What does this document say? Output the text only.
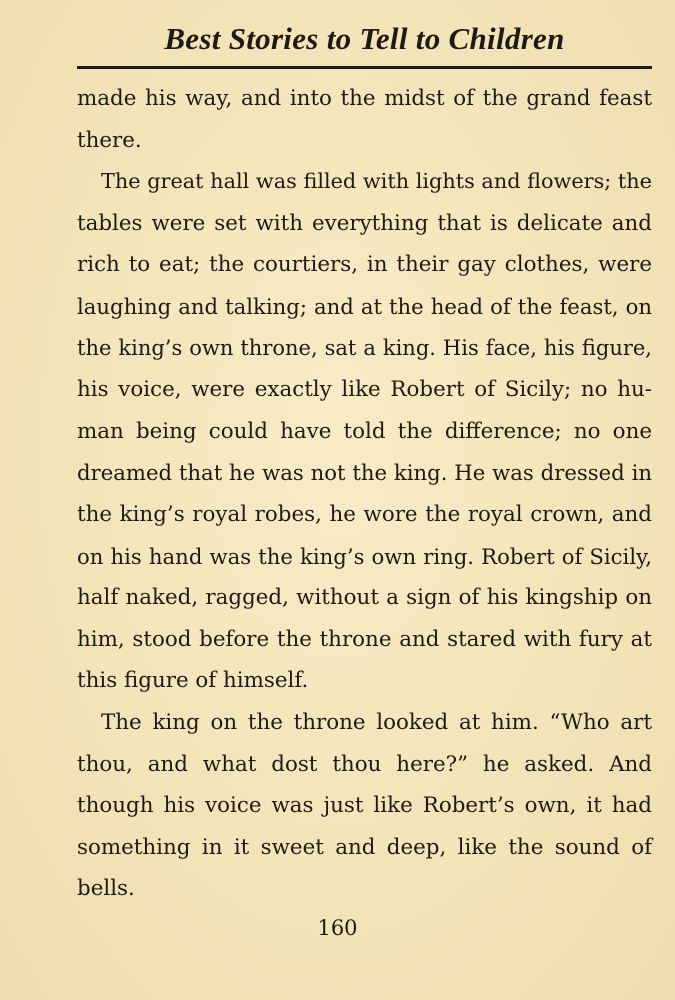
Best Stories to Tell to Children
made his way, and into the midst of the grand feast
there.
The great hall was filled with lights and flowers; the
tables were set with everything that is delicate and
rich to eat; the courtiers, in their gay clothes, were
laughing and talking; and at the head of the feast, on
the king’s own throne, sat a king. His face, his figure,
his voice, were exactly like Robert of Sicily; no hu-
man being could have told the difference; no one
dreamed that he was not the king. He was dressed in
the king’s royal robes, he wore the royal crown, and
on his hand was the king’s own ring. Robert of Sicily,
half naked, ragged, without a sign of his kingship on
him, stood before the throne and stared with fury at
this figure of himself.
The king on the throne looked at him. “Who art
thou, and what dost thou here?” he asked. And
though his voice was just like Robert’s own, it had
something in it sweet and deep, like the sound of
bells.
160
